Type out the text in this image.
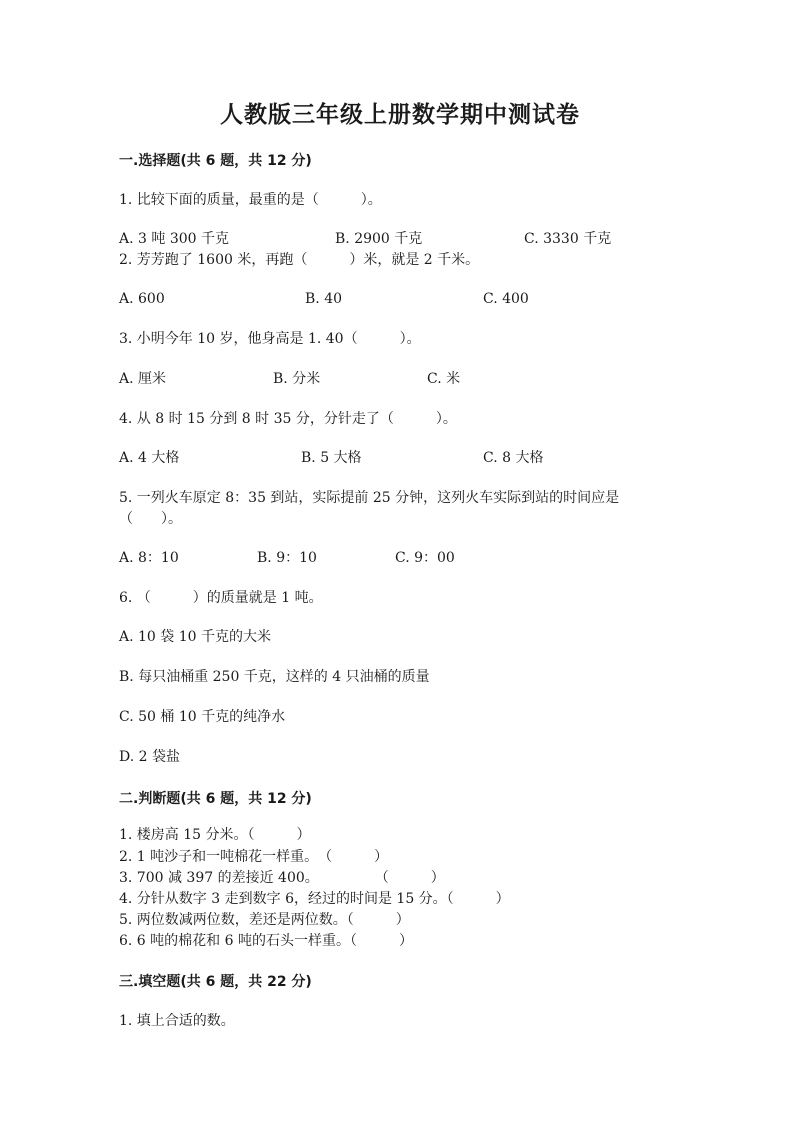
人教版三年级上册数学期中测试卷
一.选择题(共 6 题，共 12 分)
1. 比较下面的质量，最重的是（　　　）。
A. 3 吨 300 千克	B. 2900 千克	C. 3330 千克
2. 芳芳跑了 1600 米，再跑（　　　）米，就是 2 千米。
A. 600	B. 40	C. 400
3. 小明今年 10 岁，他身高是 1. 40（　　　）。
A. 厘米	B. 分米	C. 米
4. 从 8 时 15 分到 8 时 35 分，分针走了（　　　）。
A. 4 大格	B. 5 大格	C. 8 大格
5. 一列火车原定 8：35 到站，实际提前 25 分钟，这列火车实际到站的时间应是
（　　）。
A. 8：10	B. 9：10	C. 9：00
6. （　　　）的质量就是 1 吨。
A. 10 袋 10 千克的大米
B. 每只油桶重 250 千克，这样的 4 只油桶的质量
C. 50 桶 10 千克的纯净水
D. 2 袋盐
二.判断题(共 6 题，共 12 分)
1. 楼房高 15 分米。（　　　）
2. 1 吨沙子和一吨棉花一样重。　（　　　）
3. 700 减 397 的差接近 400。　　　　　（　　　）
4. 分针从数字 3 走到数字 6，经过的时间是 15 分。（　　　）
5. 两位数减两位数，差还是两位数。（　　　）
6. 6 吨的棉花和 6 吨的石头一样重。（　　　）
三.填空题(共 6 题，共 22 分)
1. 填上合适的数。
